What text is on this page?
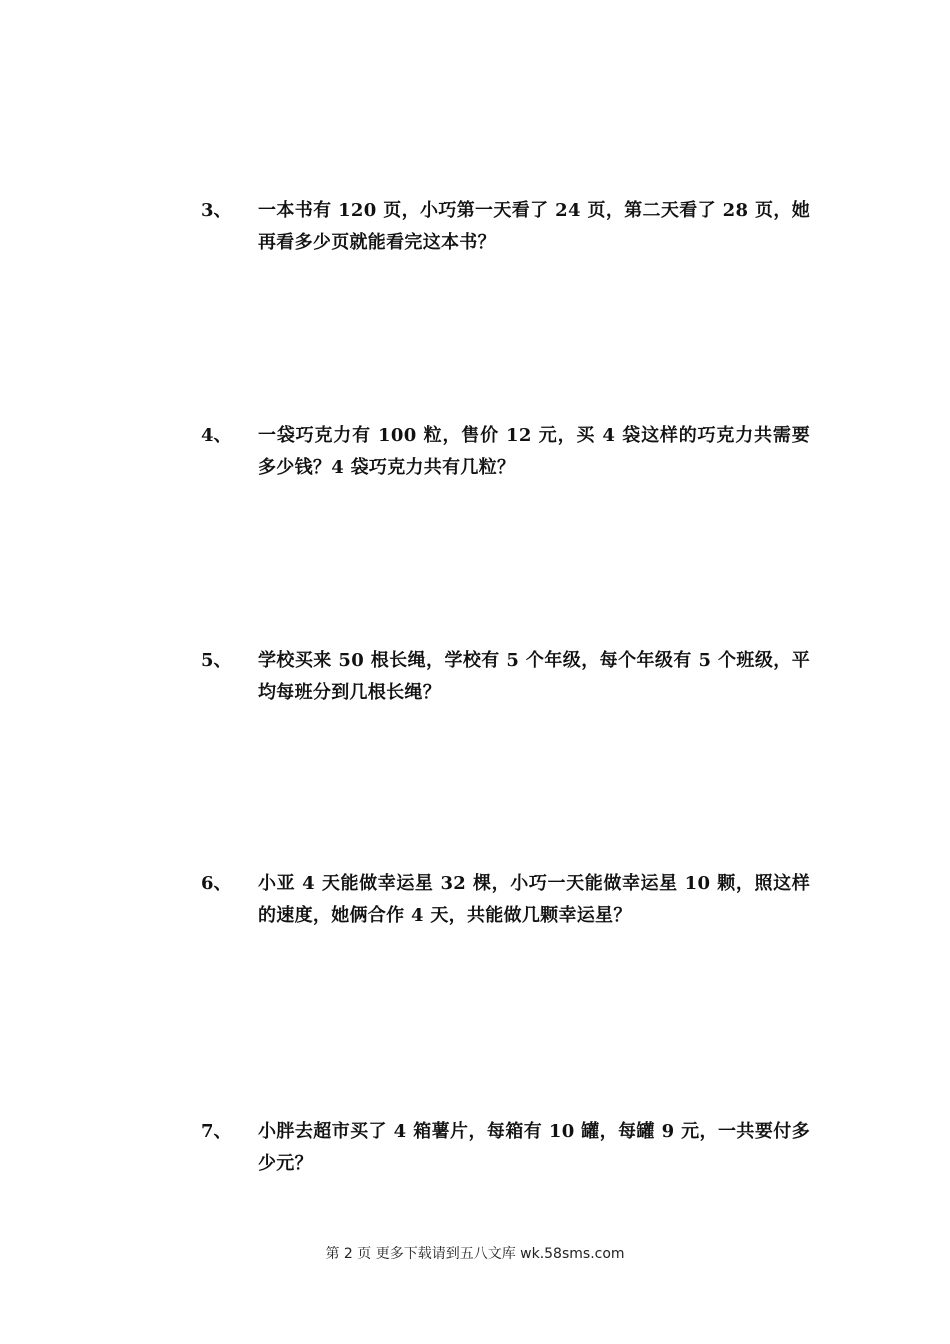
3、 一本书有 120 页，小巧第一天看了 24 页，第二天看了 28 页，她再看多少页就能看完这本书？
4、 一袋巧克力有 100 粒，售价 12 元，买 4 袋这样的巧克力共需要多少钱？4 袋巧克力共有几粒？
5、 学校买来 50 根长绳，学校有 5 个年级，每个年级有 5 个班级，平均每班分到几根长绳？
6、 小亚 4 天能做幸运星 32 棵，小巧一天能做幸运星 10 颗，照这样的速度，她俩合作 4 天，共能做几颗幸运星？
7、 小胖去超市买了 4 箱薯片，每箱有 10 罐，每罐 9 元，一共要付多少元？
第 2 页 更多下载请到五八文库 wk.58sms.com
